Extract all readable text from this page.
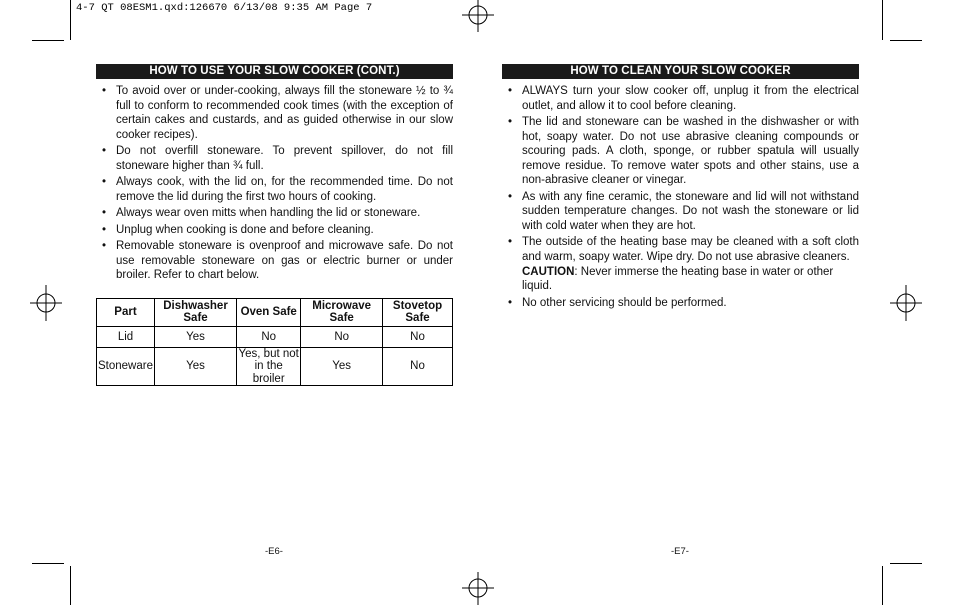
4-7 QT 08ESM1.qxd:126670 6/13/08 9:35 AM Page 7
HOW TO USE YOUR SLOW COOKER (CONT.)
• To avoid over or under-cooking, always fill the stoneware ½ to ¾ full to conform to recommended cook times (with the exception of certain cakes and custards, and as guided otherwise in our slow cooker recipes).
• Do not overfill stoneware. To prevent spillover, do not fill stoneware higher than ¾ full.
• Always cook, with the lid on, for the recommended time. Do not remove the lid during the first two hours of cooking.
• Always wear oven mitts when handling the lid or stoneware.
• Unplug when cooking is done and before cleaning.
• Removable stoneware is ovenproof and microwave safe. Do not use removable stoneware on gas or electric burner or under broiler. Refer to chart below.
Part	Dishwasher Safe	Oven Safe	Microwave Safe	Stovetop Safe
Lid	Yes	No	No	No
Stoneware	Yes	Yes, but not in the broiler	Yes	No
-E6-
HOW TO CLEAN YOUR SLOW COOKER
• ALWAYS turn your slow cooker off, unplug it from the electrical outlet, and allow it to cool before cleaning.
• The lid and stoneware can be washed in the dishwasher or with hot, soapy water. Do not use abrasive cleaning compounds or scouring pads. A cloth, sponge, or rubber spatula will usually remove residue. To remove water spots and other stains, use a non-abrasive cleaner or vinegar.
• As with any fine ceramic, the stoneware and lid will not withstand sudden temperature changes. Do not wash the stoneware or lid with cold water when they are hot.
• The outside of the heating base may be cleaned with a soft cloth and warm, soapy water. Wipe dry. Do not use abrasive cleaners.
CAUTION: Never immerse the heating base in water or other liquid.
• No other servicing should be performed.
-E7-
